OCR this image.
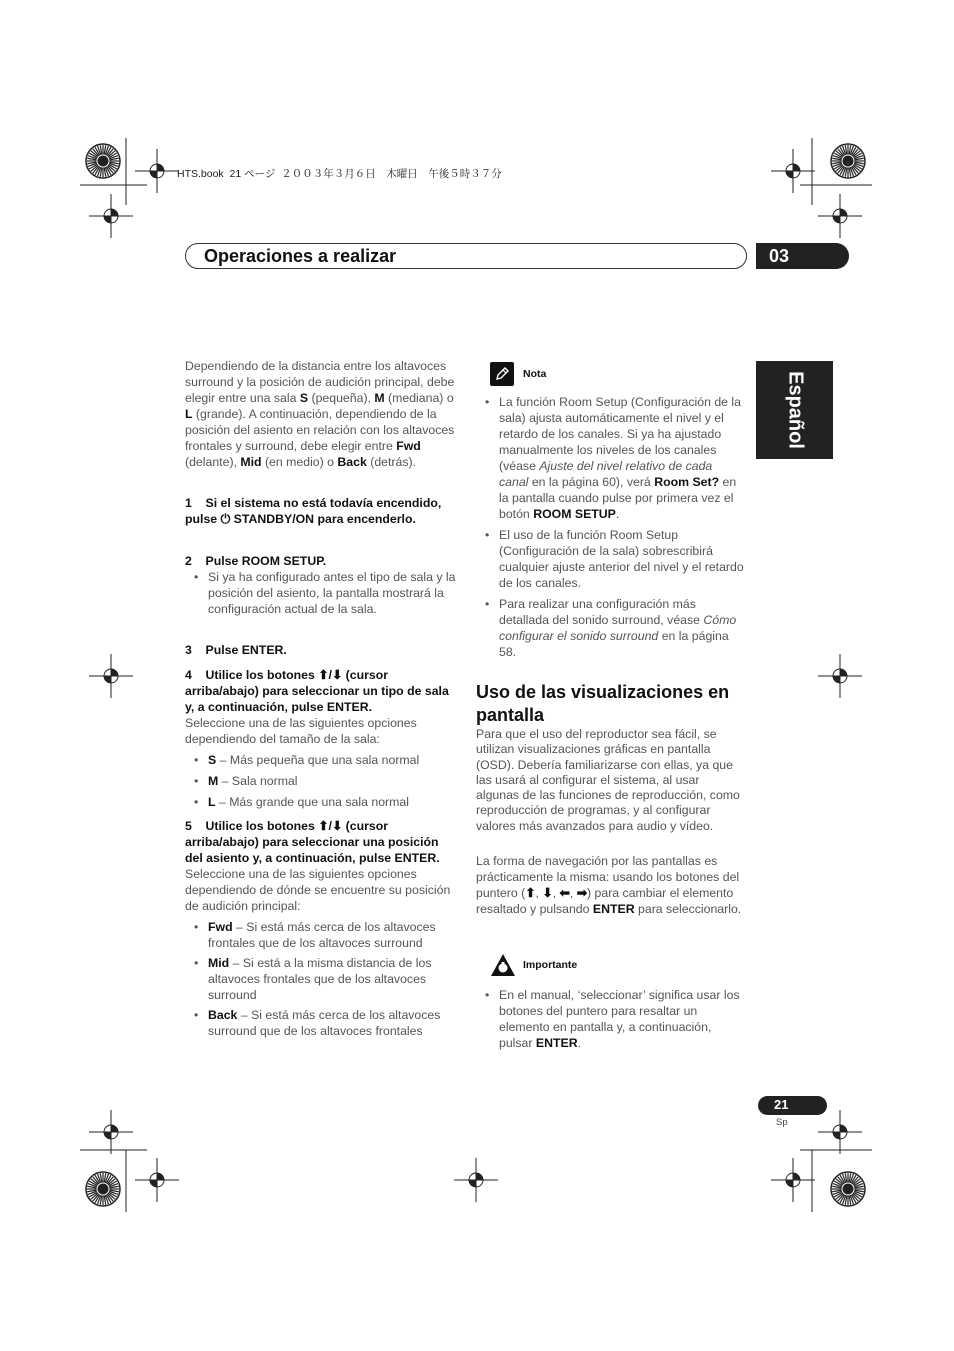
HTS.book  21 ページ  ２００３年３月６日　木曜日　午後５時３７分
Operaciones a realizar	03
Español
Dependiendo de la distancia entre los altavoces surround y la posición de audición principal, debe elegir entre una sala S (pequeña), M (mediana) o L (grande). A continuación, dependiendo de la posición del asiento en relación con los altavoces frontales y surround, debe elegir entre Fwd (delante), Mid (en medio) o Back (detrás).
1    Si el sistema no está todavía encendido, pulse ⏻ STANDBY/ON para encenderlo.
2    Pulse ROOM SETUP.
• Si ya ha configurado antes el tipo de sala y la posición del asiento, la pantalla mostrará la configuración actual de la sala.
3    Pulse ENTER.
4    Utilice los botones ⬆/⬇ (cursor arriba/abajo) para seleccionar un tipo de sala y, a continuación, pulse ENTER.
Seleccione una de las siguientes opciones dependiendo del tamaño de la sala:
• S – Más pequeña que una sala normal
• M – Sala normal
• L – Más grande que una sala normal
5    Utilice los botones ⬆/⬇ (cursor arriba/abajo) para seleccionar una posición del asiento y, a continuación, pulse ENTER.
Seleccione una de las siguientes opciones dependiendo de dónde se encuentre su posición de audición principal:
• Fwd – Si está más cerca de los altavoces frontales que de los altavoces surround
• Mid – Si está a la misma distancia de los altavoces frontales que de los altavoces surround
• Back – Si está más cerca de los altavoces surround que de los altavoces frontales
Nota
• La función Room Setup (Configuración de la sala) ajusta automáticamente el nivel y el retardo de los canales. Si ya ha ajustado manualmente los niveles de los canales (véase Ajuste del nivel relativo de cada canal en la página 60), verá Room Set? en la pantalla cuando pulse por primera vez el botón ROOM SETUP.
• El uso de la función Room Setup (Configuración de la sala) sobrescribirá cualquier ajuste anterior del nivel y el retardo de los canales.
• Para realizar una configuración más detallada del sonido surround, véase Cómo configurar el sonido surround en la página 58.
Uso de las visualizaciones en pantalla
Para que el uso del reproductor sea fácil, se utilizan visualizaciones gráficas en pantalla (OSD). Debería familiarizarse con ellas, ya que las usará al configurar el sistema, al usar algunas de las funciones de reproducción, como reproducción de programas, y al configurar valores más avanzados para audio y vídeo.
La forma de navegación por las pantallas es prácticamente la misma: usando los botones del puntero (⬆, ⬇, ⬅, ➡) para cambiar el elemento resaltado y pulsando ENTER para seleccionarlo.
Importante
• En el manual, ‘seleccionar’ significa usar los botones del puntero para resaltar un elemento en pantalla y, a continuación, pulsar ENTER.
21
Sp
